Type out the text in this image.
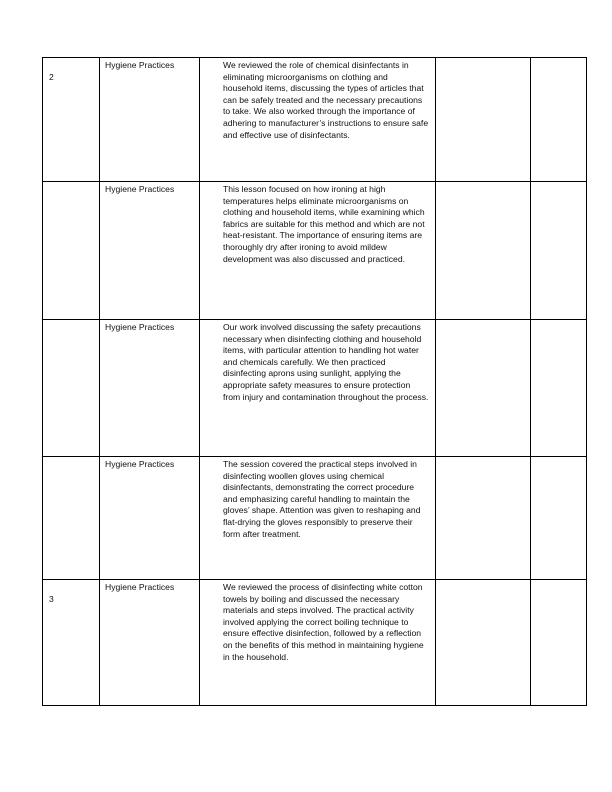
2	Hygiene Practices	We reviewed the role of chemical disinfectants in eliminating microorganisms on clothing and household items, discussing the types of articles that can be safely treated and the necessary precautions to take. We also worked through the importance of adhering to manufacturer’s instructions to ensure safe and effective use of disinfectants.		

	Hygiene Practices	This lesson focused on how ironing at high temperatures helps eliminate microorganisms on clothing and household items, while examining which fabrics are suitable for this method and which are not heat-resistant. The importance of ensuring items are thoroughly dry after ironing to avoid mildew development was also discussed and practiced.		

	Hygiene Practices	Our work involved discussing the safety precautions necessary when disinfecting clothing and household items, with particular attention to handling hot water and chemicals carefully. We then practiced disinfecting aprons using sunlight, applying the appropriate safety measures to ensure protection from injury and contamination throughout the process.		

	Hygiene Practices	The session covered the practical steps involved in disinfecting woollen gloves using chemical disinfectants, demonstrating the correct procedure and emphasizing careful handling to maintain the gloves’ shape. Attention was given to reshaping and flat-drying the gloves responsibly to preserve their form after treatment.		

3	Hygiene Practices	We reviewed the process of disinfecting white cotton towels by boiling and discussed the necessary materials and steps involved. The practical activity involved applying the correct boiling technique to ensure effective disinfection, followed by a reflection on the benefits of this method in maintaining hygiene in the household.		
